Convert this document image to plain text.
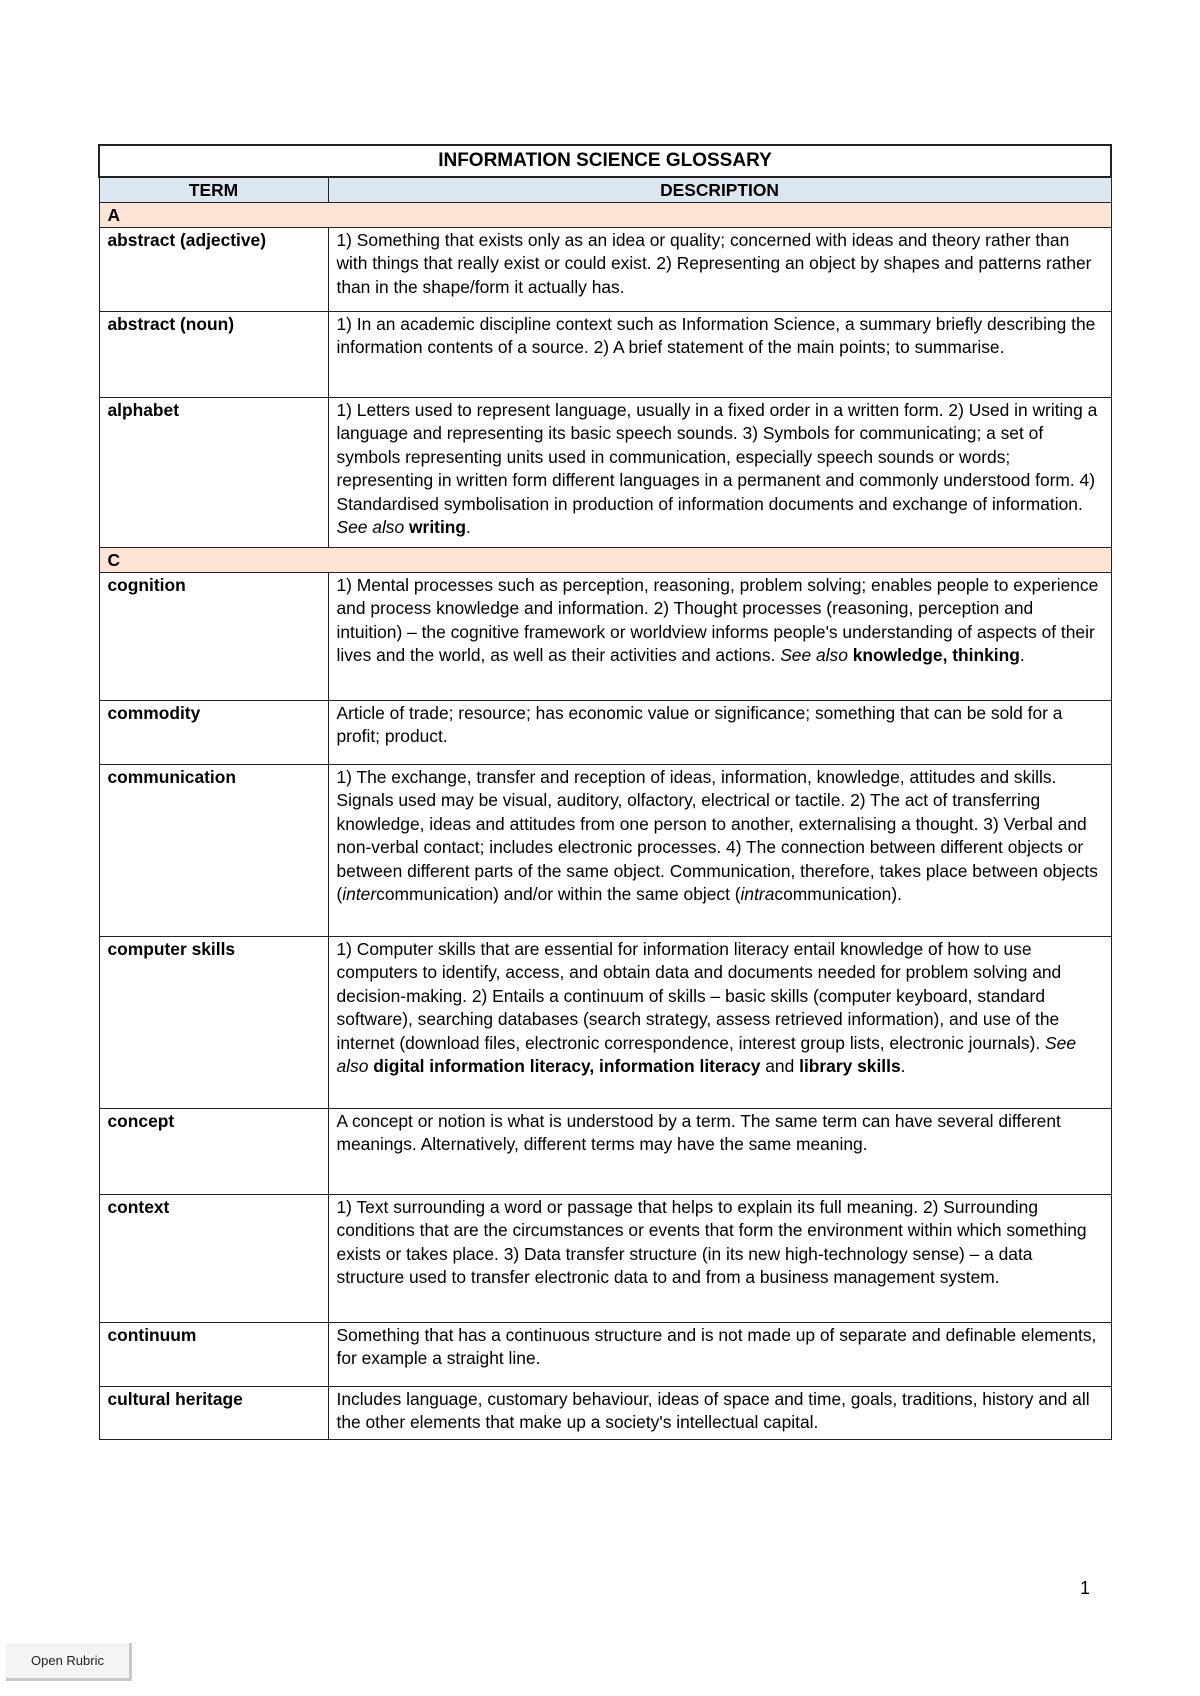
INFORMATION SCIENCE GLOSSARY	
TERM	DESCRIPTION
A	
abstract (adjective)	1) Something that exists only as an idea or quality; concerned with ideas and theory rather than with things that really exist or could exist. 2) Representing an object by shapes and patterns rather than in the shape/form it actually has.
abstract (noun)	1) In an academic discipline context such as Information Science, a summary briefly describing the information contents of a source. 2) A brief statement of the main points; to summarise.
alphabet	1) Letters used to represent language, usually in a fixed order in a written form. 2) Used in writing a language and representing its basic speech sounds. 3) Symbols for communicating; a set of symbols representing units used in communication, especially speech sounds or words; representing in written form different languages in a permanent and commonly understood form. 4) Standardised symbolisation in production of information documents and exchange of information. See also writing.
C	
cognition	1) Mental processes such as perception, reasoning, problem solving; enables people to experience and process knowledge and information. 2) Thought processes (reasoning, perception and intuition) – the cognitive framework or worldview informs people's understanding of aspects of their lives and the world, as well as their activities and actions. See also knowledge, thinking.
commodity	Article of trade; resource; has economic value or significance; something that can be sold for a profit; product.
communication	1) The exchange, transfer and reception of ideas, information, knowledge, attitudes and skills. Signals used may be visual, auditory, olfactory, electrical or tactile. 2) The act of transferring knowledge, ideas and attitudes from one person to another, externalising a thought. 3) Verbal and non-verbal contact; includes electronic processes. 4) The connection between different objects or between different parts of the same object. Communication, therefore, takes place between objects (intercommunication) and/or within the same object (intracommunication).
computer skills	1) Computer skills that are essential for information literacy entail knowledge of how to use computers to identify, access, and obtain data and documents needed for problem solving and decision-making. 2) Entails a continuum of skills – basic skills (computer keyboard, standard software), searching databases (search strategy, assess retrieved information), and use of the internet (download files, electronic correspondence, interest group lists, electronic journals). See also digital information literacy, information literacy and library skills.
concept	A concept or notion is what is understood by a term. The same term can have several different meanings. Alternatively, different terms may have the same meaning.
context	1) Text surrounding a word or passage that helps to explain its full meaning. 2) Surrounding conditions that are the circumstances or events that form the environment within which something exists or takes place. 3) Data transfer structure (in its new high-technology sense) – a data structure used to transfer electronic data to and from a business management system.
continuum	Something that has a continuous structure and is not made up of separate and definable elements, for example a straight line.
cultural heritage	Includes language, customary behaviour, ideas of space and time, goals, traditions, history and all the other elements that make up a society's intellectual capital.
1
Open Rubric
